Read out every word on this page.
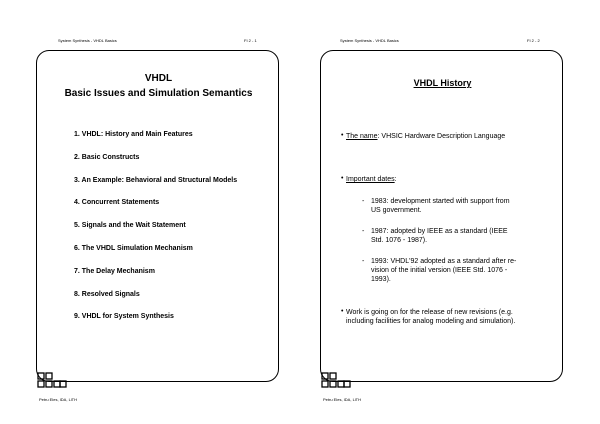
System Synthesis - VHDL Basics	FI 2 - 1
VHDL
Basic Issues and Simulation Semantics
1. VHDL: History and Main Features
2. Basic Constructs
3. An Example: Behavioral and Structural Models
4. Concurrent Statements
5. Signals and the Wait Statement
6. The VHDL Simulation Mechanism
7. The Delay Mechanism
8. Resolved Signals
9. VHDL for System Synthesis
Petru Eles, IDA, LiTH
System Synthesis - VHDL Basics	FI 2 - 2
VHDL History
• The name: VHSIC Hardware Description Language
• Important dates:
- 1983: development started with support from
US government.
- 1987: adopted by IEEE as a standard (IEEE
Std. 1076 - 1987).
- 1993: VHDL'92 adopted as a standard after re-
vision of the initial version (IEEE Std. 1076 -
1993).
• Work is going on for the release of new revisions (e.g.
including facilities for analog modeling and simulation).
Petru Eles, IDA, LiTH
